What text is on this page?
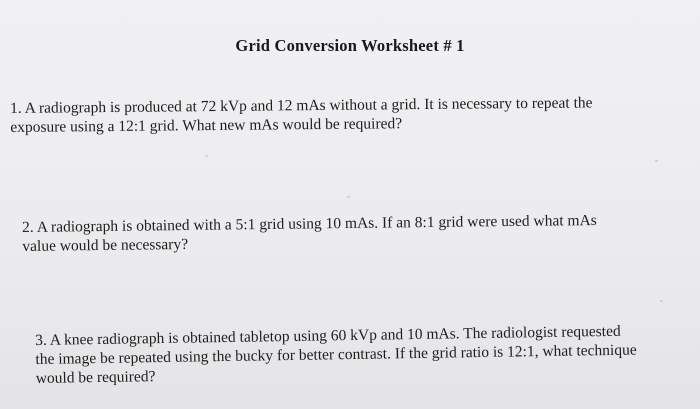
Grid Conversion Worksheet # 1
1. A radiograph is produced at 72 kVp and 12 mAs without a grid. It is necessary to repeat the
exposure using a 12:1 grid. What new mAs would be required?
2. A radiograph is obtained with a 5:1 grid using 10 mAs. If an 8:1 grid were used what mAs
value would be necessary?
3. A knee radiograph is obtained tabletop using 60 kVp and 10 mAs. The radiologist requested
the image be repeated using the bucky for better contrast. If the grid ratio is 12:1, what technique
would be required?
